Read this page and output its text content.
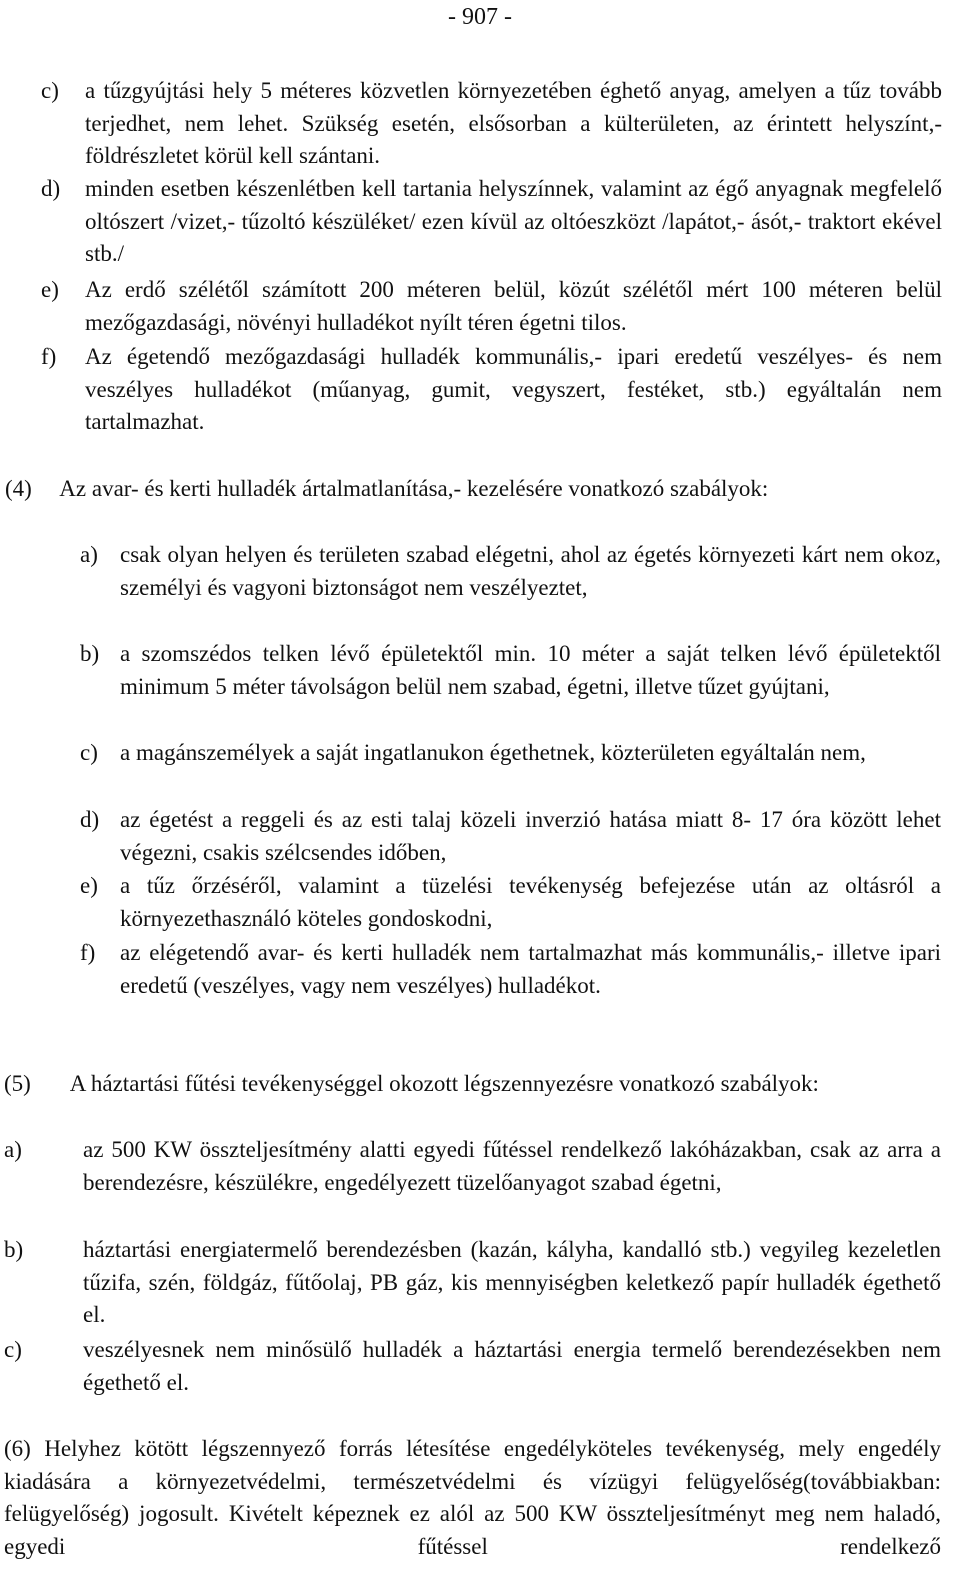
- 907 -
c)	a tűzgyújtási hely 5 méteres közvetlen környezetében éghető anyag, amelyen a tűz tovább terjedhet, nem lehet. Szükség esetén, elsősorban a külterületen, az érintett helyszínt,- földrészletet körül kell szántani.
d)	minden esetben készenlétben kell tartania helyszínnek, valamint az égő anyagnak megfelelő oltószert /vizet,- tűzoltó készüléket/ ezen kívül az oltóeszközt /lapátot,- ásót,- traktort ekével stb./
e)	Az erdő szélétől számított 200 méteren belül, közút szélétől mért 100 méteren belül mezőgazdasági, növényi hulladékot nyílt téren égetni tilos.
f)	Az égetendő mezőgazdasági hulladék kommunális,- ipari eredetű veszélyes- és nem veszélyes hulladékot (műanyag, gumit, vegyszert, festéket, stb.) egyáltalán nem tartalmazhat.
(4)     Az avar- és kerti hulladék ártalmatlanítása,- kezelésére vonatkozó szabályok:
a) csak olyan helyen és területen szabad elégetni, ahol az égetés környezeti kárt nem okoz, személyi és vagyoni biztonságot nem veszélyeztet,
b) a szomszédos telken lévő épületektől min. 10 méter a saját telken lévő épületektől minimum 5 méter távolságon belül nem szabad, égetni, illetve tűzet gyújtani,
c) a magánszemélyek a saját ingatlanukon égethetnek, közterületen egyáltalán nem,
d) az égetést a reggeli és az esti talaj közeli inverzió hatása miatt 8- 17 óra között lehet végezni, csakis szélcsendes időben,
e) a tűz őrzéséről, valamint a tüzelési tevékenység befejezése után az oltásról a környezethasználó köteles gondoskodni,
f)	az elégetendő avar- és kerti hulladék nem tartalmazhat más kommunális,- illetve ipari eredetű (veszélyes, vagy nem veszélyes) hulladékot.
(5)       A háztartási fűtési tevékenységgel okozott légszennyezésre vonatkozó szabályok:
a)	az 500 KW összteljesítmény alatti egyedi fűtéssel rendelkező lakóházakban, csak az arra a berendezésre, készülékre, engedélyezett tüzelőanyagot szabad égetni,
b)	háztartási energiatermelő berendezésben (kazán, kályha, kandalló stb.) vegyileg kezeletlen tűzifa, szén, földgáz, fűtőolaj, PB gáz, kis mennyiségben keletkező papír hulladék égethető el.
c)	veszélyesnek nem minősülő hulladék a háztartási energia termelő berendezésekben nem égethető el.
(6) Helyhez kötött légszennyező forrás létesítése engedélyköteles tevékenység, mely engedély kiadására a környezetvédelmi, természetvédelmi és vízügyi felügyelőség(továbbiakban: felügyelőség) jogosult. Kivételt képeznek ez alól az 500 KW összteljesítményt meg nem haladó, egyedi fűtéssel rendelkező
